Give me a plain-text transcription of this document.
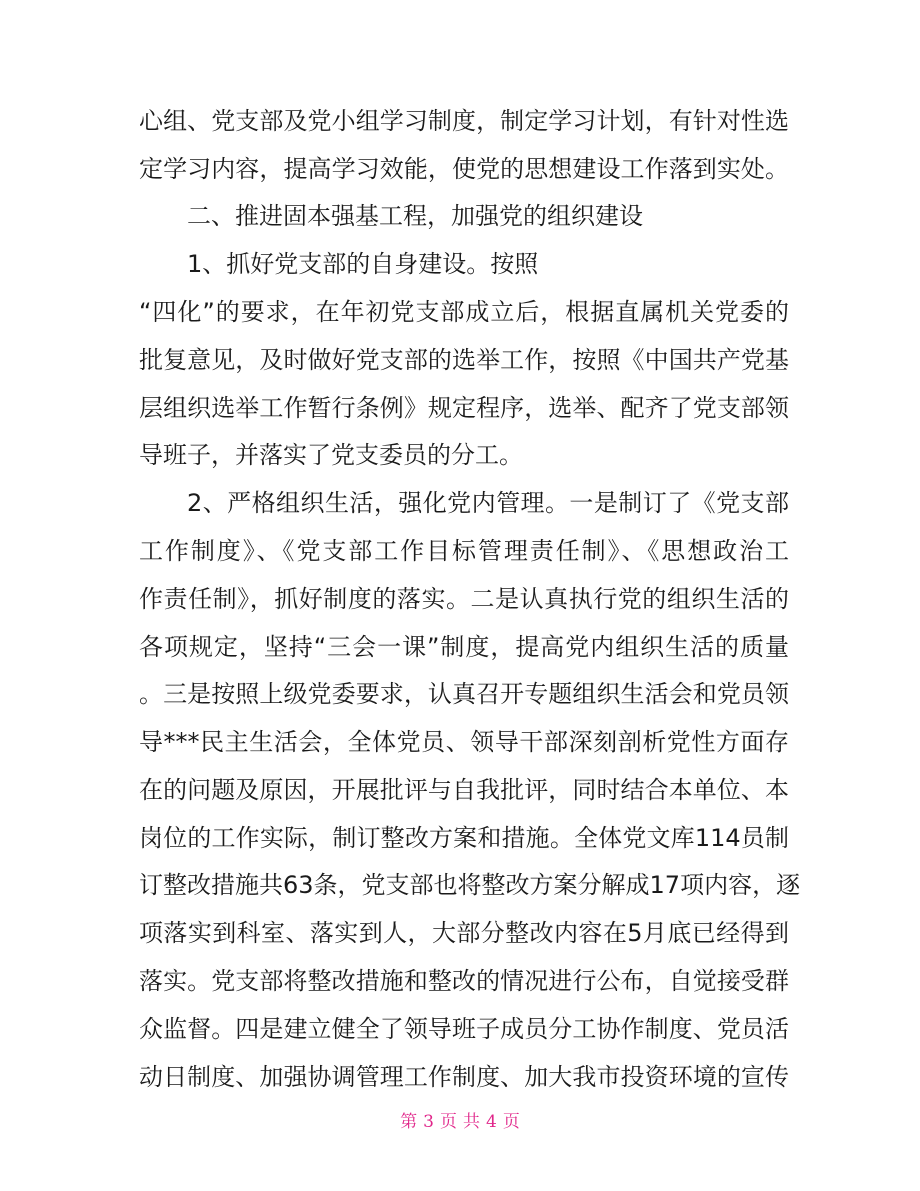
心组、党支部及党小组学习制度，制定学习计划，有针对性选
定学习内容，提高学习效能，使党的思想建设工作落到实处。
二、推进固本强基工程，加强党的组织建设
1、抓好党支部的自身建设。按照
“四化”的要求，在年初党支部成立后，根据直属机关党委的
批复意见，及时做好党支部的选举工作，按照《中国共产党基
层组织选举工作暂行条例》规定程序，选举、配齐了党支部领
导班子，并落实了党支委员的分工。
2、严格组织生活，强化党内管理。一是制订了《党支部
工作制度》、《党支部工作目标管理责任制》、《思想政治工
作责任制》，抓好制度的落实。二是认真执行党的组织生活的
各项规定，坚持“三会一课”制度，提高党内组织生活的质量
。三是按照上级党委要求，认真召开专题组织生活会和党员领
导***民主生活会，全体党员、领导干部深刻剖析党性方面存
在的问题及原因，开展批评与自我批评，同时结合本单位、本
岗位的工作实际，制订整改方案和措施。全体党文库114员制
订整改措施共63条，党支部也将整改方案分解成17项内容，逐
项落实到科室、落实到人，大部分整改内容在5月底已经得到
落实。党支部将整改措施和整改的情况进行公布，自觉接受群
众监督。四是建立健全了领导班子成员分工协作制度、党员活
动日制度、加强协调管理工作制度、加大我市投资环境的宣传
第 3 页 共 4 页
